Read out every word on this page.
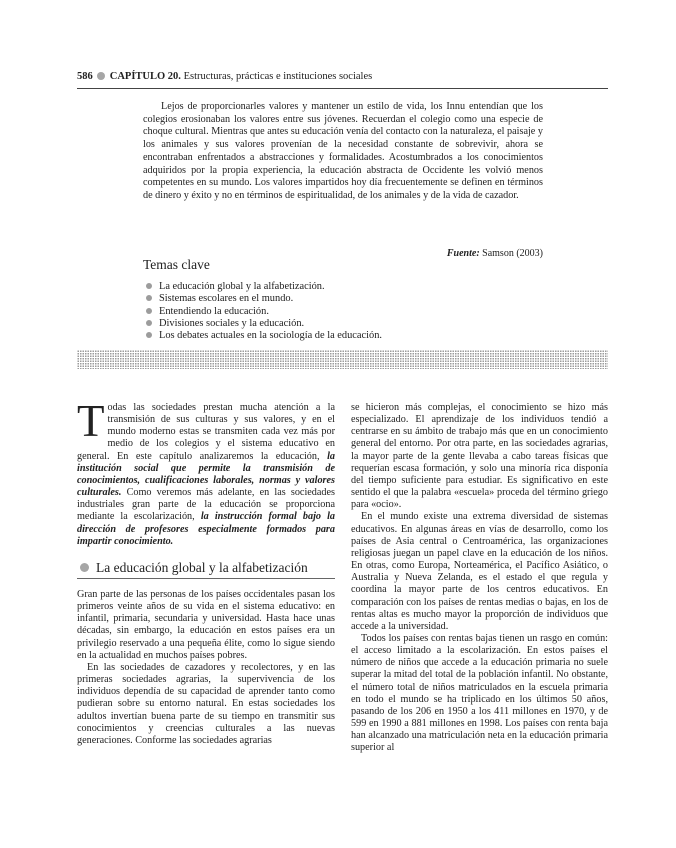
586 CAPÍTULO 20. Estructuras, prácticas e instituciones sociales

Lejos de proporcionarles valores y mantener un estilo de vida, los Innu entendían que los colegios erosionaban los valores entre sus jóvenes. Recuerdan el colegio como una especie de choque cultural. Mientras que antes su educación venía del contacto con la naturaleza, el paisaje y los animales y sus valores provenían de la necesidad constante de sobrevivir, ahora se encontraban enfrentados a abstracciones y formalidades. Acostumbrados a los conocimientos adquiridos por la propia experiencia, la educación abstracta de Occidente les volvió menos competentes en su mundo. Los valores impartidos hoy día frecuentemente se definen en términos de dinero y éxito y no en términos de espiritualidad, de los animales y de la vida de cazador.

Fuente: Samson (2003)
Temas clave
La educación global y la alfabetización.
Sistemas escolares en el mundo.
Entendiendo la educación.
Divisiones sociales y la educación.
Los debates actuales en la sociología de la educación.

Todas las sociedades prestan mucha atención a la transmisión de sus culturas y sus valores, y en el mundo moderno estas se transmiten cada vez más por medio de los colegios y el sistema educativo en general. En este capítulo analizaremos la educación, la institución social que permite la transmisión de conocimientos, cualificaciones laborales, normas y valores culturales. Como veremos más adelante, en las sociedades industriales gran parte de la educación se proporciona mediante la escolarización, la instrucción formal bajo la dirección de profesores especialmente formados para impartir conocimiento.

La educación global y la alfabetización

Gran parte de las personas de los países occidentales pasan los primeros veinte años de su vida en el sistema educativo: en infantil, primaria, secundaria y universidad. Hasta hace unas décadas, sin embargo, la educación en estos países era un privilegio reservado a una pequeña élite, como lo sigue siendo en la actualidad en muchos países pobres.

En las sociedades de cazadores y recolectores, y en las primeras sociedades agrarias, la supervivencia de los individuos dependía de su capacidad de aprender tanto como pudieran sobre su entorno natural. En estas sociedades los adultos invertían buena parte de su tiempo en transmitir sus conocimientos y creencias culturales a las nuevas generaciones. Conforme las sociedades agrarias

se hicieron más complejas, el conocimiento se hizo más especializado. El aprendizaje de los individuos tendió a centrarse en su ámbito de trabajo más que en un conocimiento general del entorno. Por otra parte, en las sociedades agrarias, la mayor parte de la gente llevaba a cabo tareas físicas que requerían escasa formación, y solo una minoría rica disponía del tiempo suficiente para estudiar. Es significativo en este sentido el que la palabra «escuela» proceda del término griego para «ocio».

En el mundo existe una extrema diversidad de sistemas educativos. En algunas áreas en vías de desarrollo, como los países de Asia central o Centroamérica, las organizaciones religiosas juegan un papel clave en la educación de los niños. En otras, como Europa, Norteamérica, el Pacífico Asiático, o Australia y Nueva Zelanda, es el estado el que regula y coordina la mayor parte de los centros educativos. En comparación con los países de rentas medias o bajas, en los de rentas altas es mucho mayor la proporción de individuos que accede a la universidad.

Todos los países con rentas bajas tienen un rasgo en común: el acceso limitado a la escolarización. En estos países el número de niños que accede a la educación primaria no suele superar la mitad del total de la población infantil. No obstante, el número total de niños matriculados en la escuela primaria en todo el mundo se ha triplicado en los últimos 50 años, pasando de los 206 en 1950 a los 411 millones en 1970, y de 599 en 1990 a 881 millones en 1998. Los países con renta baja han alcanzado una matriculación neta en la educación primaria superior al
